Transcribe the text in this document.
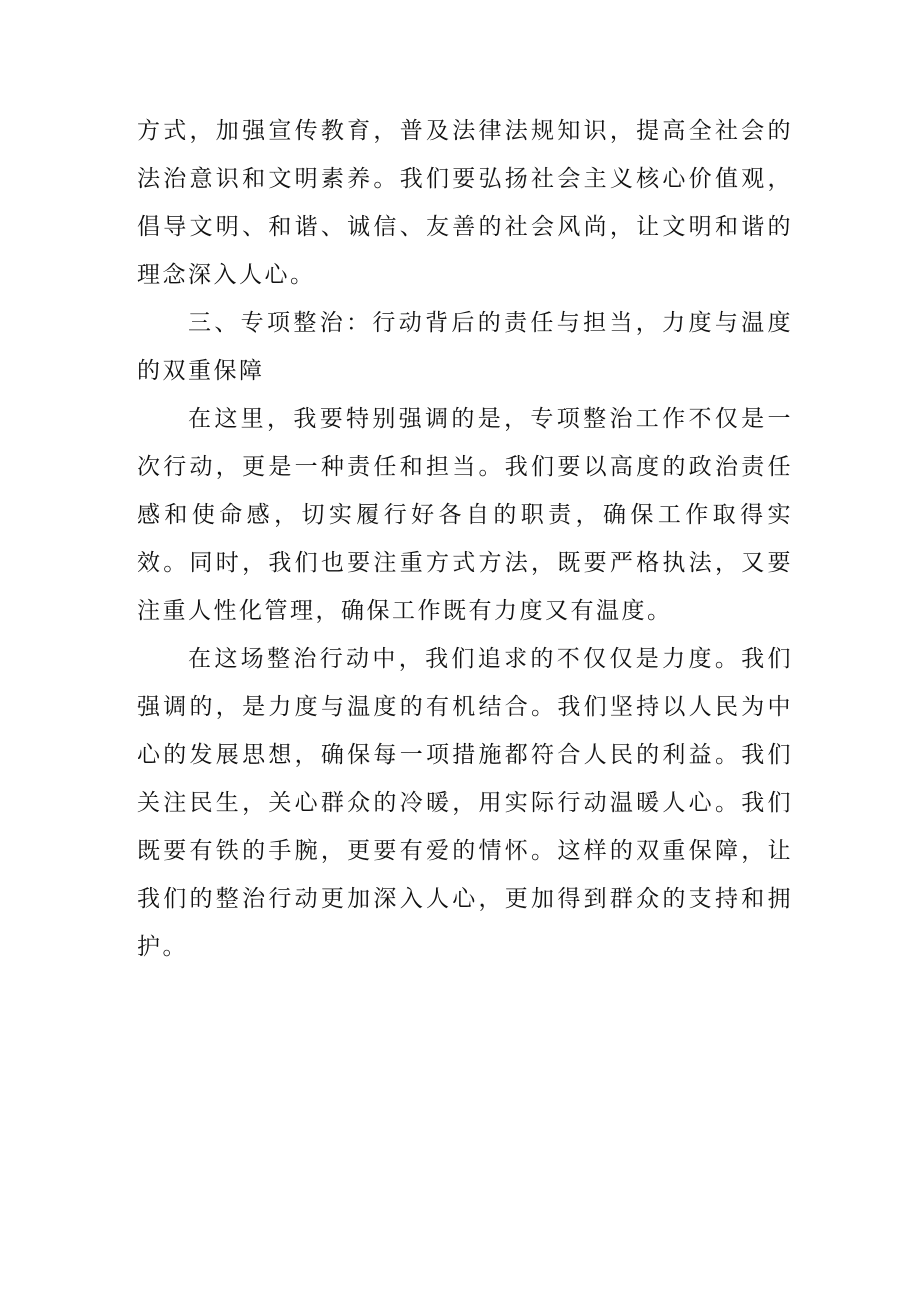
方式，加强宣传教育，普及法律法规知识，提高全社会的法治意识和文明素养。我们要弘扬社会主义核心价值观，倡导文明、和谐、诚信、友善的社会风尚，让文明和谐的理念深入人心。

三、专项整治：行动背后的责任与担当，力度与温度的双重保障

在这里，我要特别强调的是，专项整治工作不仅是一次行动，更是一种责任和担当。我们要以高度的政治责任感和使命感，切实履行好各自的职责，确保工作取得实效。同时，我们也要注重方式方法，既要严格执法，又要注重人性化管理，确保工作既有力度又有温度。

在这场整治行动中，我们追求的不仅仅是力度。我们强调的，是力度与温度的有机结合。我们坚持以人民为中心的发展思想，确保每一项措施都符合人民的利益。我们关注民生，关心群众的冷暖，用实际行动温暖人心。我们既要有铁的手腕，更要有爱的情怀。这样的双重保障，让我们的整治行动更加深入人心，更加得到群众的支持和拥护。
